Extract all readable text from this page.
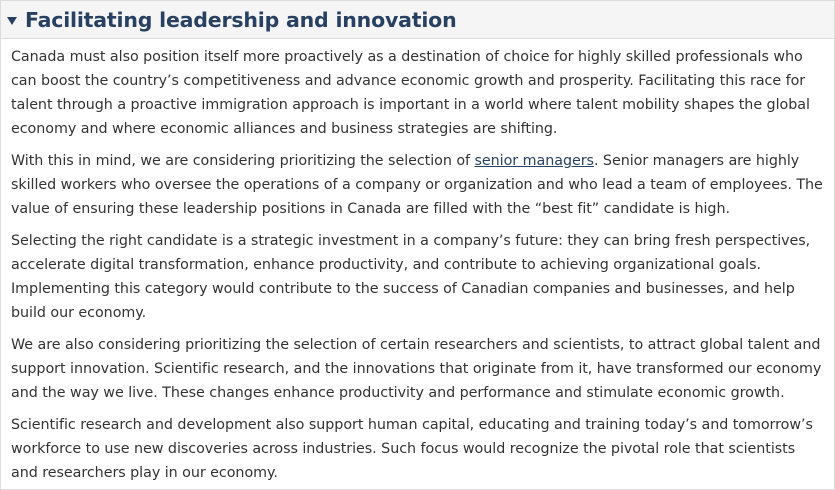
Facilitating leadership and innovation

Canada must also position itself more proactively as a destination of choice for highly skilled professionals who can boost the country’s competitiveness and advance economic growth and prosperity. Facilitating this race for talent through a proactive immigration approach is important in a world where talent mobility shapes the global economy and where economic alliances and business strategies are shifting.

With this in mind, we are considering prioritizing the selection of senior managers. Senior managers are highly skilled workers who oversee the operations of a company or organization and who lead a team of employees. The value of ensuring these leadership positions in Canada are filled with the “best fit” candidate is high.

Selecting the right candidate is a strategic investment in a company’s future: they can bring fresh perspectives, accelerate digital transformation, enhance productivity, and contribute to achieving organizational goals. Implementing this category would contribute to the success of Canadian companies and businesses, and help build our economy.

We are also considering prioritizing the selection of certain researchers and scientists, to attract global talent and support innovation. Scientific research, and the innovations that originate from it, have transformed our economy and the way we live. These changes enhance productivity and performance and stimulate economic growth.

Scientific research and development also support human capital, educating and training today’s and tomorrow’s workforce to use new discoveries across industries. Such focus would recognize the pivotal role that scientists and researchers play in our economy.
